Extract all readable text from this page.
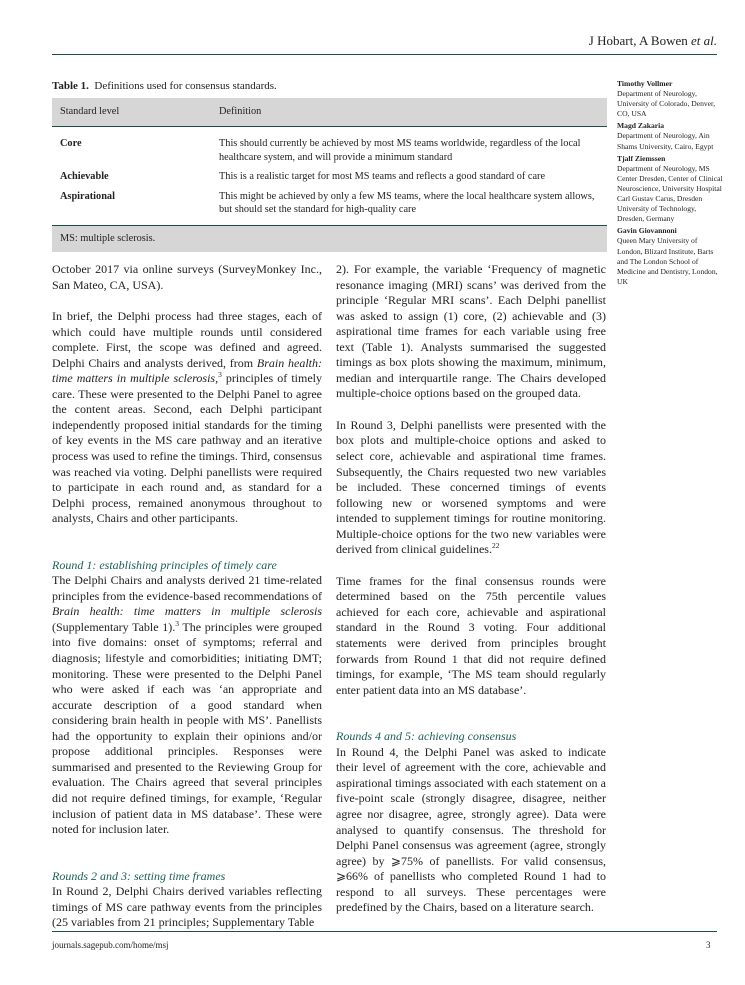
J Hobart, A Bowen et al.

Table 1. Definitions used for consensus standards.

Standard level	Definition
Core	This should currently be achieved by most MS teams worldwide, regardless of the local healthcare system, and will provide a minimum standard
Achievable	This is a realistic target for most MS teams and reflects a good standard of care
Aspirational	This might be achieved by only a few MS teams, where the local healthcare system allows, but should set the standard for high-quality care
MS: multiple sclerosis.	
Timothy Vollmer
Department of Neurology, University of Colorado, Denver, CO, USA
Magd Zakaria
Department of Neurology, Ain Shams University, Cairo, Egypt
Tjalf Ziemssen
Department of Neurology, MS Center Dresden, Center of Clinical Neuroscience, University Hospital Carl Gustav Carus, Dresden University of Technology, Dresden, Germany
Gavin Giovannoni
Queen Mary University of London, Blizard Institute, Barts and The London School of Medicine and Dentistry, London, UK

October 2017 via online surveys (SurveyMonkey Inc., San Mateo, CA, USA).

In brief, the Delphi process had three stages, each of which could have multiple rounds until considered complete. First, the scope was defined and agreed. Delphi Chairs and analysts derived, from Brain health: time matters in multiple sclerosis,$^3$ principles of timely care. These were presented to the Delphi Panel to agree the content areas. Second, each Delphi participant independently proposed initial standards for the timing of key events in the MS care pathway and an iterative process was used to refine the timings. Third, consensus was reached via voting. Delphi panellists were required to participate in each round and, as standard for a Delphi process, remained anonymous throughout to analysts, Chairs and other participants.

Round 1: establishing principles of timely care

The Delphi Chairs and analysts derived 21 time-related principles from the evidence-based recommendations of Brain health: time matters in multiple sclerosis (Supplementary Table 1).$^3$ The principles were grouped into five domains: onset of symptoms; referral and diagnosis; lifestyle and comorbidities; initiating DMT; monitoring. These were presented to the Delphi Panel who were asked if each was ‘an appropriate and accurate description of a good standard when considering brain health in people with MS’. Panellists had the opportunity to explain their opinions and/or propose additional principles. Responses were summarised and presented to the Reviewing Group for evaluation. The Chairs agreed that several principles did not require defined timings, for example, ‘Regular inclusion of patient data in MS database’. These were noted for inclusion later.

Rounds 2 and 3: setting time frames

In Round 2, Delphi Chairs derived variables reflecting timings of MS care pathway events from the principles (25 variables from 21 principles; Supplementary Table

2). For example, the variable ‘Frequency of magnetic resonance imaging (MRI) scans’ was derived from the principle ‘Regular MRI scans’. Each Delphi panellist was asked to assign (1) core, (2) achievable and (3) aspirational time frames for each variable using free text (Table 1). Analysts summarised the suggested timings as box plots showing the maximum, minimum, median and interquartile range. The Chairs developed multiple-choice options based on the grouped data.

In Round 3, Delphi panellists were presented with the box plots and multiple-choice options and asked to select core, achievable and aspirational time frames. Subsequently, the Chairs requested two new variables be included. These concerned timings of events following new or worsened symptoms and were intended to supplement timings for routine monitoring. Multiple-choice options for the two new variables were derived from clinical guidelines.$^{22}$

Time frames for the final consensus rounds were determined based on the 75th percentile values achieved for each core, achievable and aspirational standard in the Round 3 voting. Four additional statements were derived from principles brought forwards from Round 1 that did not require defined timings, for example, ‘The MS team should regularly enter patient data into an MS database’.

Rounds 4 and 5: achieving consensus

In Round 4, the Delphi Panel was asked to indicate their level of agreement with the core, achievable and aspirational timings associated with each statement on a five-point scale (strongly disagree, disagree, neither agree nor disagree, agree, strongly agree). Data were analysed to quantify consensus. The threshold for Delphi Panel consensus was agreement (agree, strongly agree) by ⩾75% of panellists. For valid consensus, ⩾66% of panellists who completed Round 1 had to respond to all surveys. These percentages were predefined by the Chairs, based on a literature search.

journals.sagepub.com/home/msj	3
